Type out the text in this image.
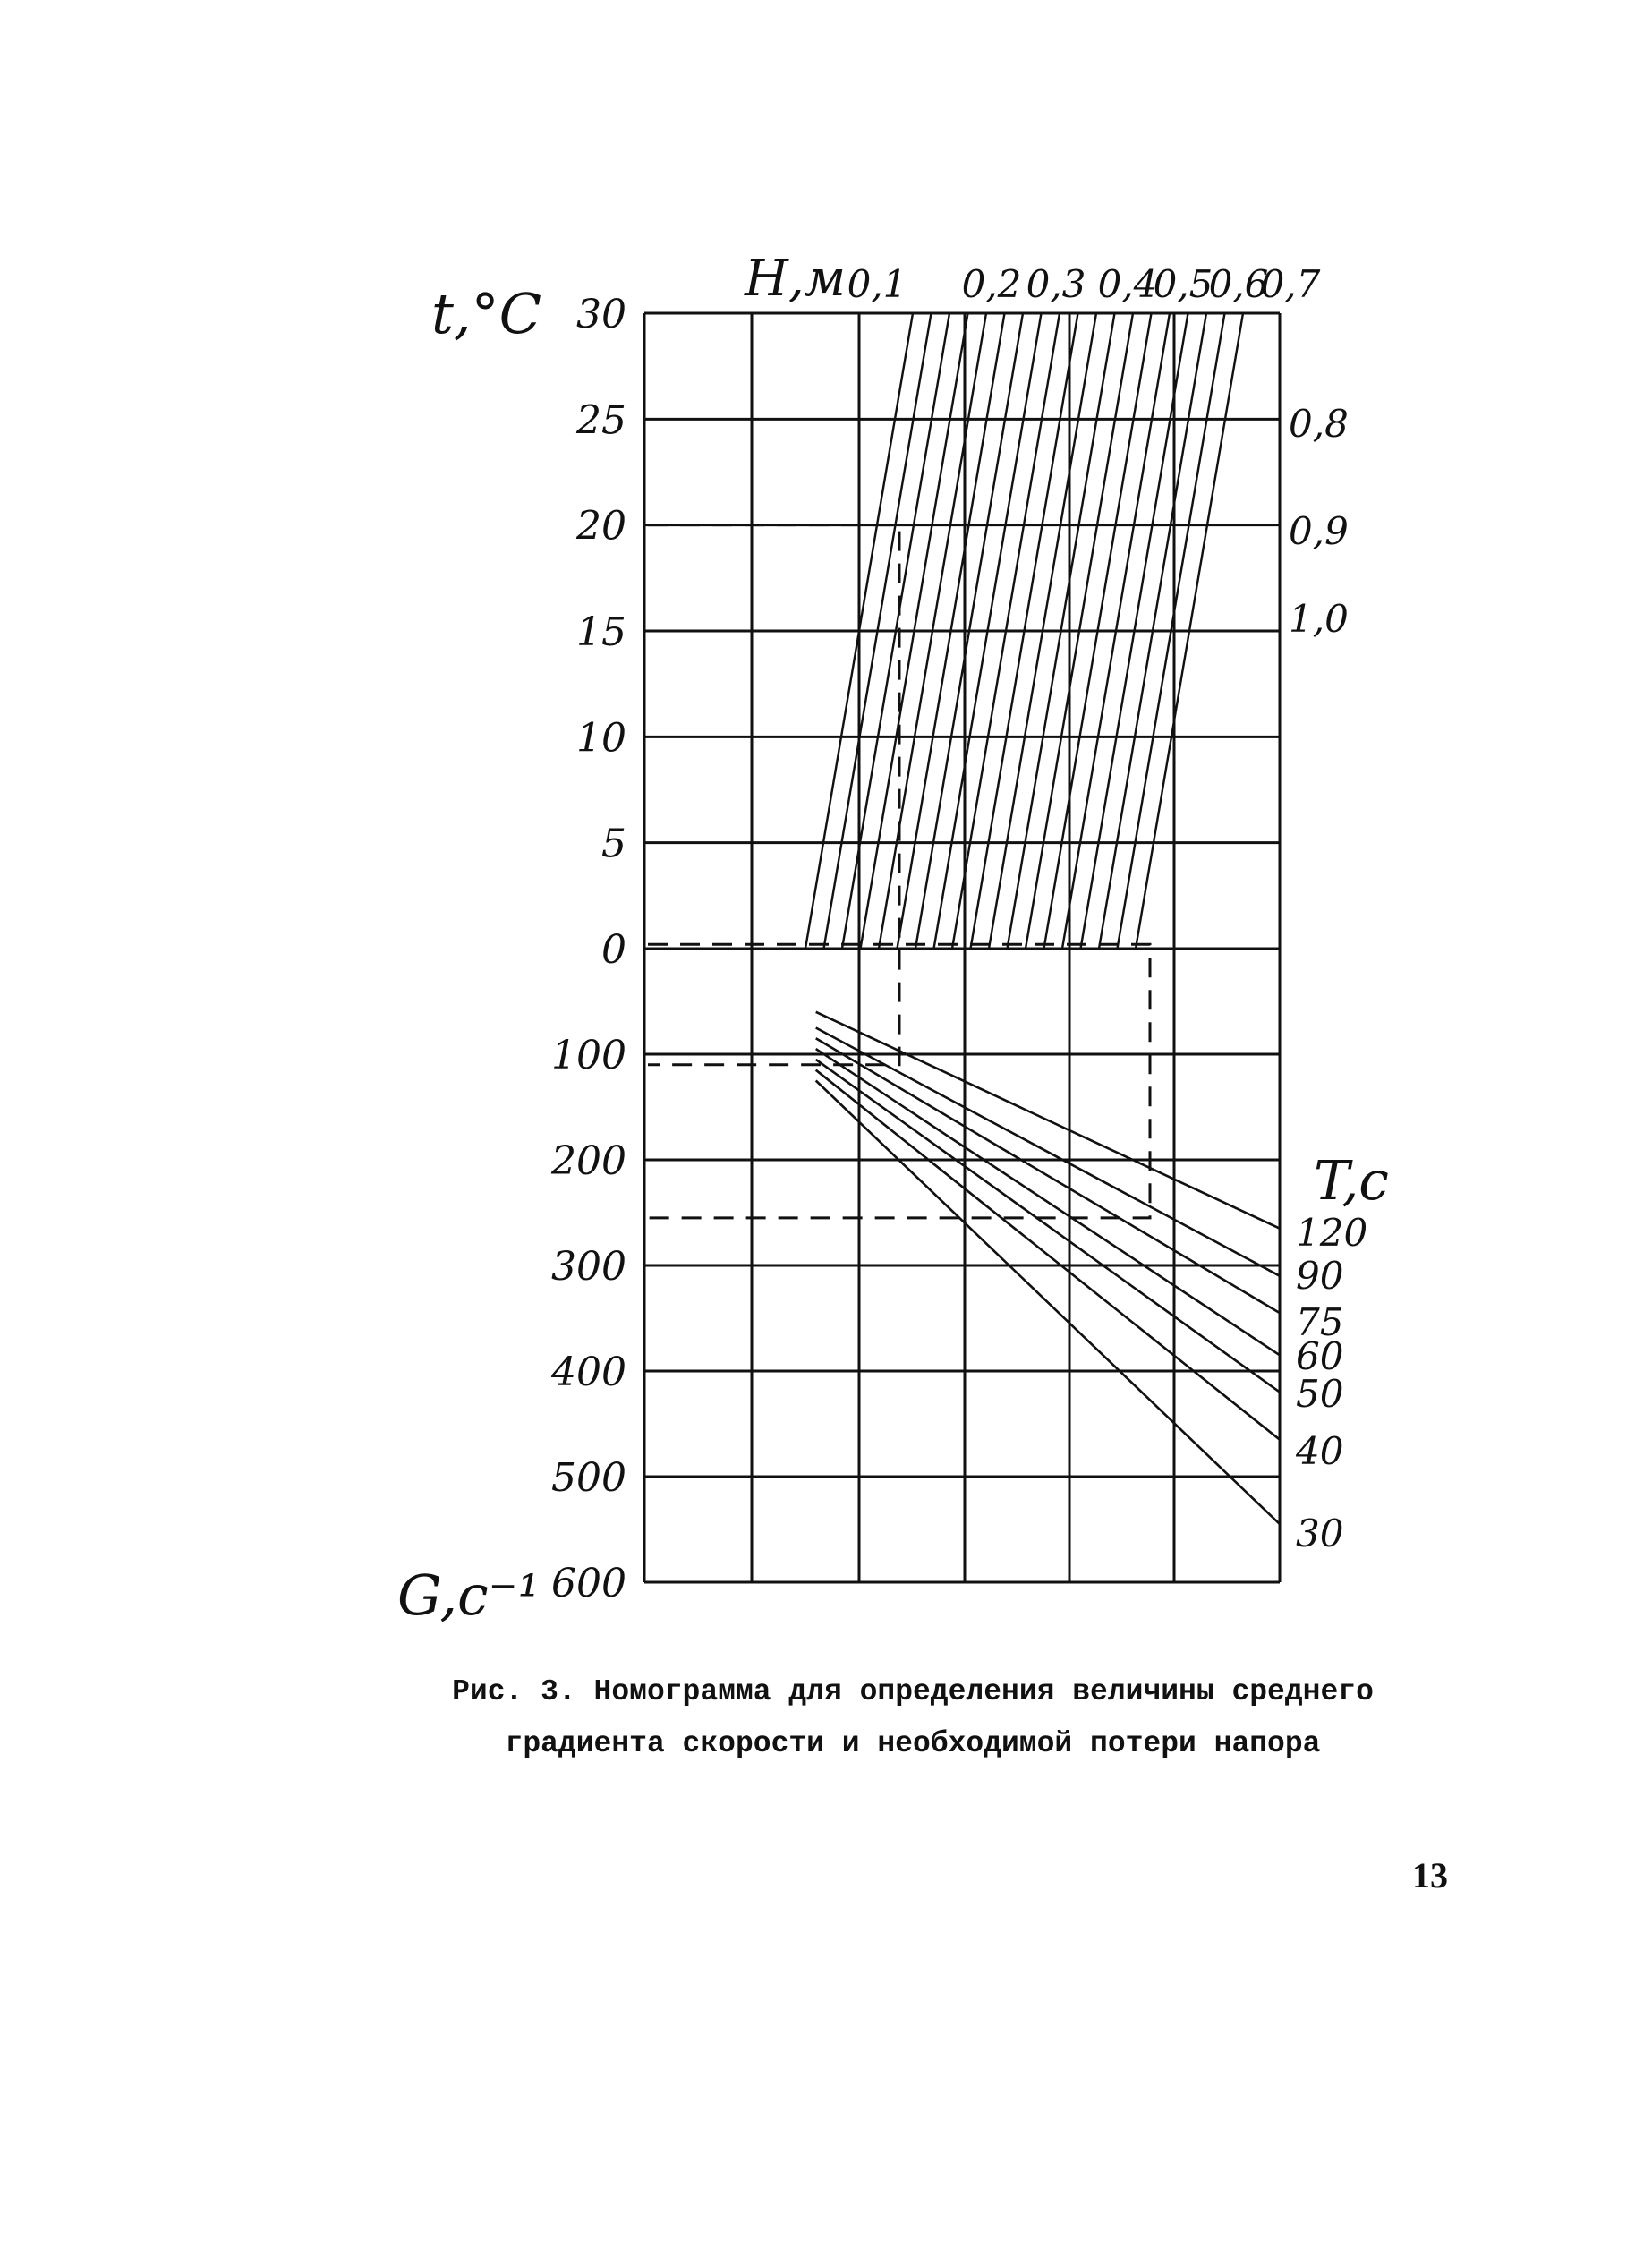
t,°C
H,м
G,с⁻¹
T,с
30
25
20
15
10
5
0
100
200
300
400
500
600
0,1 0,2 0,3 0,4
0,5
0,6
0,7
0,8
0,9
1,0
120
90
75
60
50
40
30
Рис. 3. Номограмма для определения величины среднего
градиента скорости и необходимой потери напора
13
